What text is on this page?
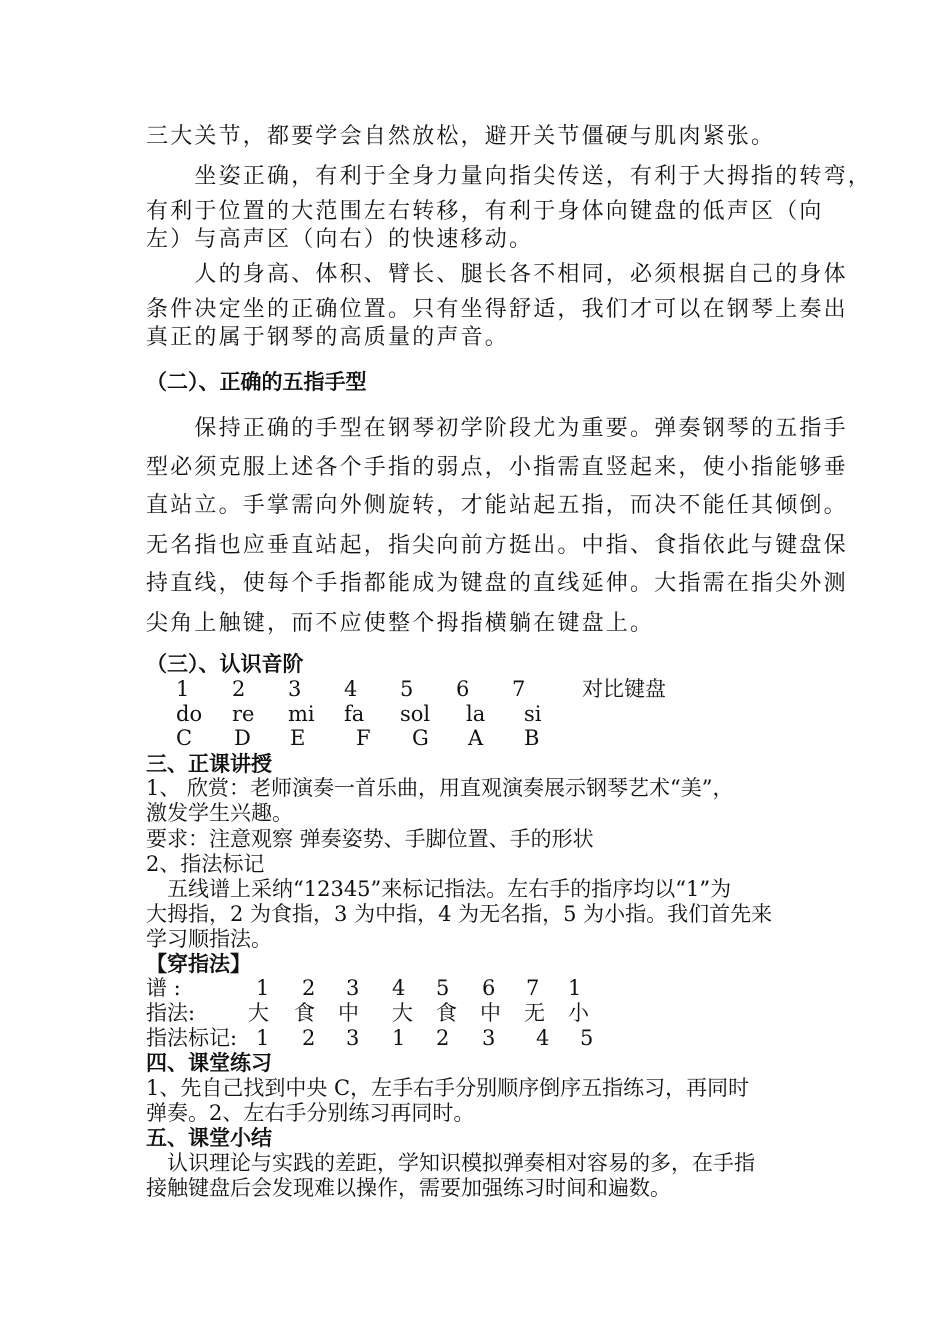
三大关节，都要学会自然放松，避开关节僵硬与肌肉紧张。
　　坐姿正确，有利于全身力量向指尖传送，有利于大拇指的转弯，
有利于位置的大范围左右转移，有利于身体向键盘的低声区（向
左）与高声区（向右）的快速移动。
　　人的身高、体积、臂长、腿长各不相同，必须根据自己的身体
条件决定坐的正确位置。只有坐得舒适，我们才可以在钢琴上奏出
真正的属于钢琴的高质量的声音。
（二）、正确的五指手型
　　保持正确的手型在钢琴初学阶段尤为重要。弹奏钢琴的五指手
型必须克服上述各个手指的弱点，小指需直竖起来，使小指能够垂
直站立。手掌需向外侧旋转，才能站起五指，而决不能任其倾倒。
无名指也应垂直站起，指尖向前方挺出。中指、食指依此与键盘保
持直线，使每个手指都能成为键盘的直线延伸。大指需在指尖外测
尖角上触键，而不应使整个拇指横躺在键盘上。
（三）、认识音阶
1 2 3 4 5 6 7	对比键盘
do re mi fa sol la si
C D E F G A B
三、正课讲授
1、 欣赏：老师演奏一首乐曲，用直观演奏展示钢琴艺术“美”，
激发学生兴趣。
要求：注意观察 弹奏姿势、手脚位置、手的形状
2、指法标记
　五线谱上采纳“12345”来标记指法。左右手的指序均以“1”为
大拇指，2 为食指，3 为中指，4 为无名指，5 为小指。我们首先来
学习顺指法。
【穿指法】
谱 :	1 2 3 4 5 6 7 1
指法:	大 食 中 大 食 中 无 小
指法标记: 1 2 3 1 2 3 4 5
四、课堂练习
1、先自己找到中央 C，左手右手分别顺序倒序五指练习，再同时
弹奏。2、左右手分别练习再同时。
五、课堂小结
　认识理论与实践的差距，学知识模拟弹奏相对容易的多，在手指
接触键盘后会发现难以操作，需要加强练习时间和遍数。
